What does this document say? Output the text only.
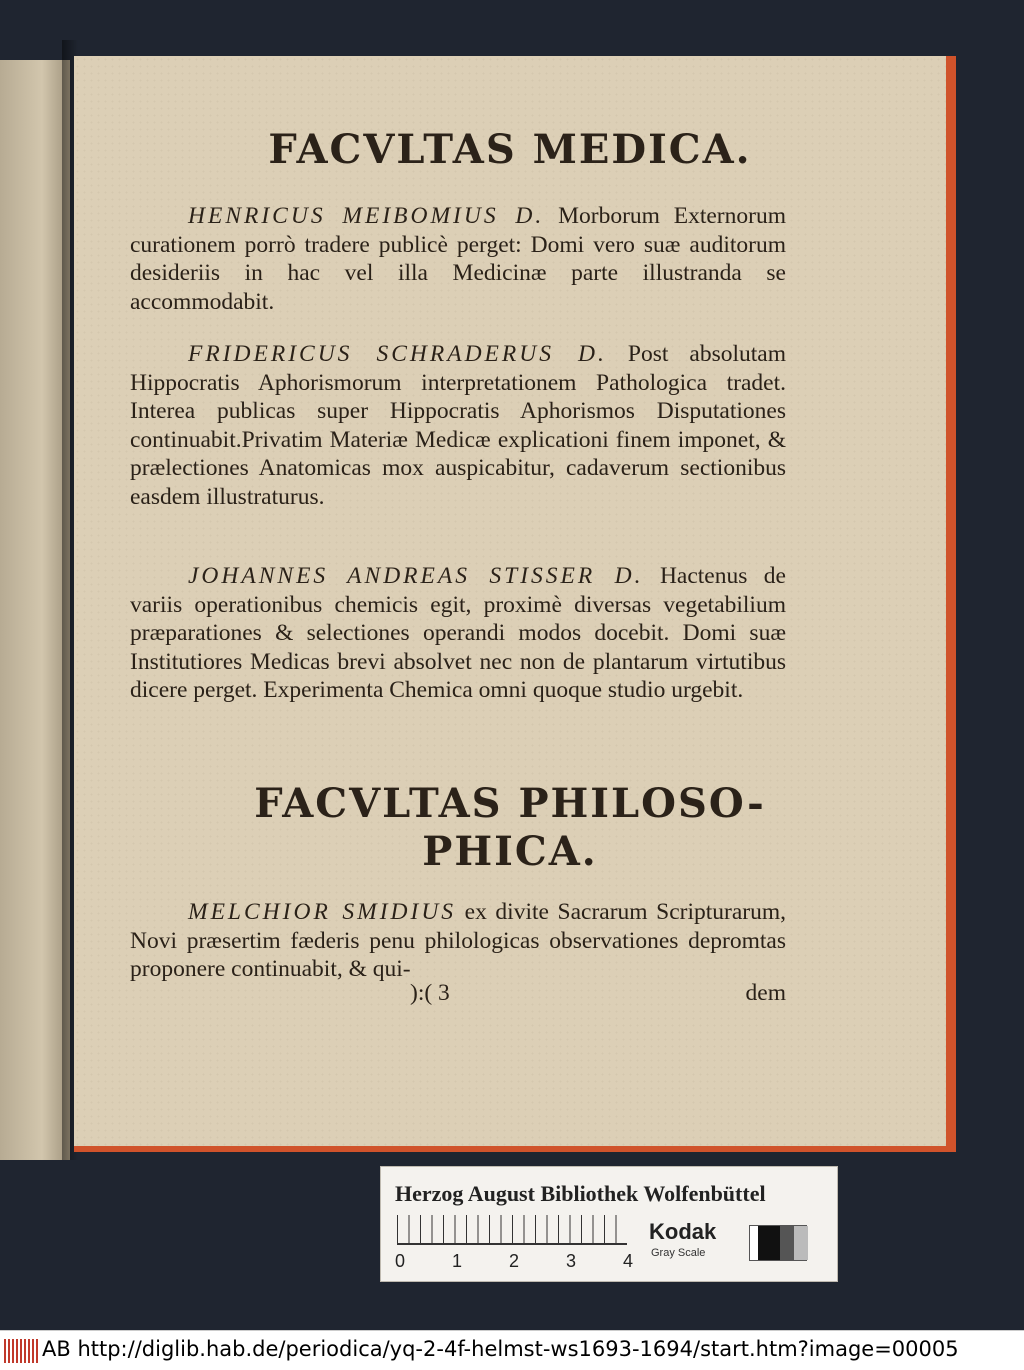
FACVLTAS MEDICA.
HENRICUS MEIBOMIUS D. Morborum Externorum curationem porrò tradere publicè perget: Domi vero suæ auditorum desideriis in hac vel illa Medicinæ parte illustranda se accommodabit.
FRIDERICUS SCHRADERUS D. Post absolutam Hippocratis Aphorismorum interpretationem Pathologica tradet. Interea publicas super Hippocratis Aphorismos Disputationes continuabit.Privatim Materiæ Medicæ explicationi finem imponet, & prælectiones Anatomicas mox auspicabitur, cadaverum sectionibus easdem illustraturus.
JOHANNES ANDREAS STISSER D. Hactenus de variis operationibus chemicis egit, proximè diversas vegetabilium præparationes & selectiones operandi modos docebit. Domi suæ Institutiores Medicas brevi absolvet nec non de plantarum virtutibus dicere perget. Experimenta Chemica omni quoque studio urgebit.
FACVLTAS PHILOSO-
PHICA.
MELCHIOR SMIDIUS ex divite Sacrarum Scripturarum, Novi præsertim fæderis penu philologicas observationes depromtas proponere continuabit, & qui-
):( 3	dem
Herzog August Bibliothek Wolfenbüttel
0	1	2	3	4
Kodak
Gray Scale
AB http://diglib.hab.de/periodica/yq-2-4f-helmst-ws1693-1694/start.htm?image=00005
